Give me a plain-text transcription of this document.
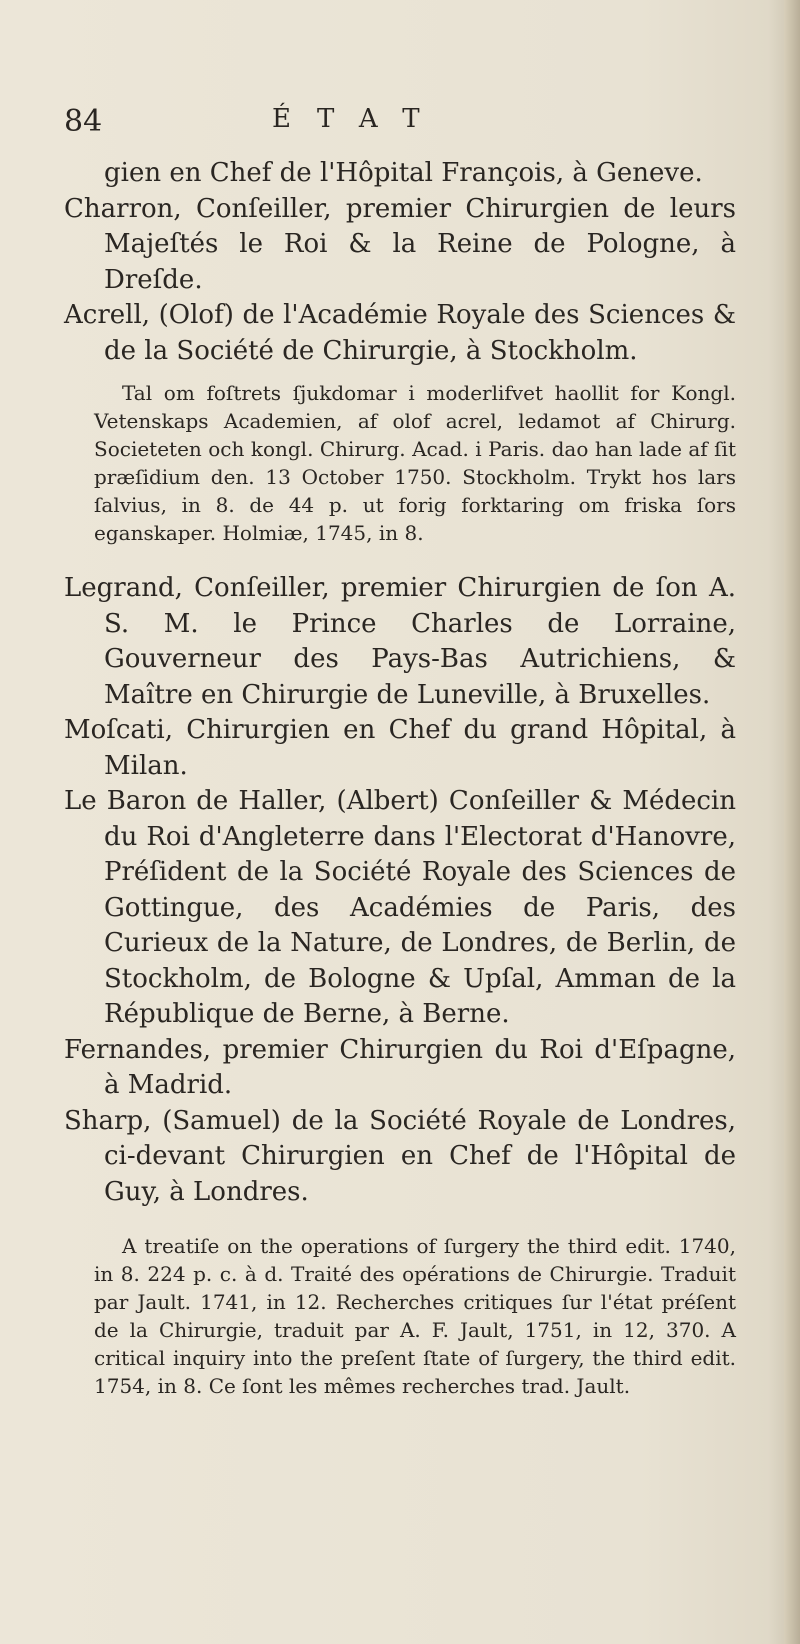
84	ÉTAT

gien en Chef de l'Hôpital François, à Geneve.

Charron, Conſeiller, premier Chirurgien de leurs Majeſtés le Roi & la Reine de Pologne, à Dreſde.

Acrell, (Olof) de l'Académie Royale des Sciences & de la Société de Chirurgie, à Stockholm.

Tal om foſtrets ſjukdomar i moderlifvet haollit for Kongl. Vetenskaps Academien, af olof acrel, ledamot af Chirurg. Societeten och kongl. Chirurg. Acad. i Paris. dao han lade af ſit præſidium den. 13 October 1750. Stockholm. Trykt hos lars ſalvius, in 8. de 44 p. ut forig forktaring om friska ſors eganskaper. Holmiæ, 1745, in 8.

Legrand, Conſeiller, premier Chirurgien de ſon A. S. M. le Prince Charles de Lorraine, Gouverneur des Pays-Bas Autrichiens, & Maître en Chirurgie de Luneville, à Bruxelles.

Moſcati, Chirurgien en Chef du grand Hôpital, à Milan.

Le Baron de Haller, (Albert) Conſeiller & Médecin du Roi d'Angleterre dans l'Electorat d'Hanovre, Préſident de la Société Royale des Sciences de Gottingue, des Académies de Paris, des Curieux de la Nature, de Londres, de Berlin, de Stockholm, de Bologne & Upſal, Amman de la République de Berne, à Berne.

Fernandes, premier Chirurgien du Roi d'Eſpagne, à Madrid.

Sharp, (Samuel) de la Société Royale de Londres, ci-devant Chirurgien en Chef de l'Hôpital de Guy, à Londres.

A treatiſe on the operations of ſurgery the third edit. 1740, in 8. 224 p. c. à d. Traité des opérations de Chirurgie. Traduit par Jault. 1741, in 12. Recherches critiques ſur l'état préſent de la Chirurgie, traduit par A. F. Jault, 1751, in 12, 370. A critical inquiry into the preſent ſtate of ſurgery, the third edit. 1754, in 8. Ce ſont les mêmes recherches trad. Jault.
